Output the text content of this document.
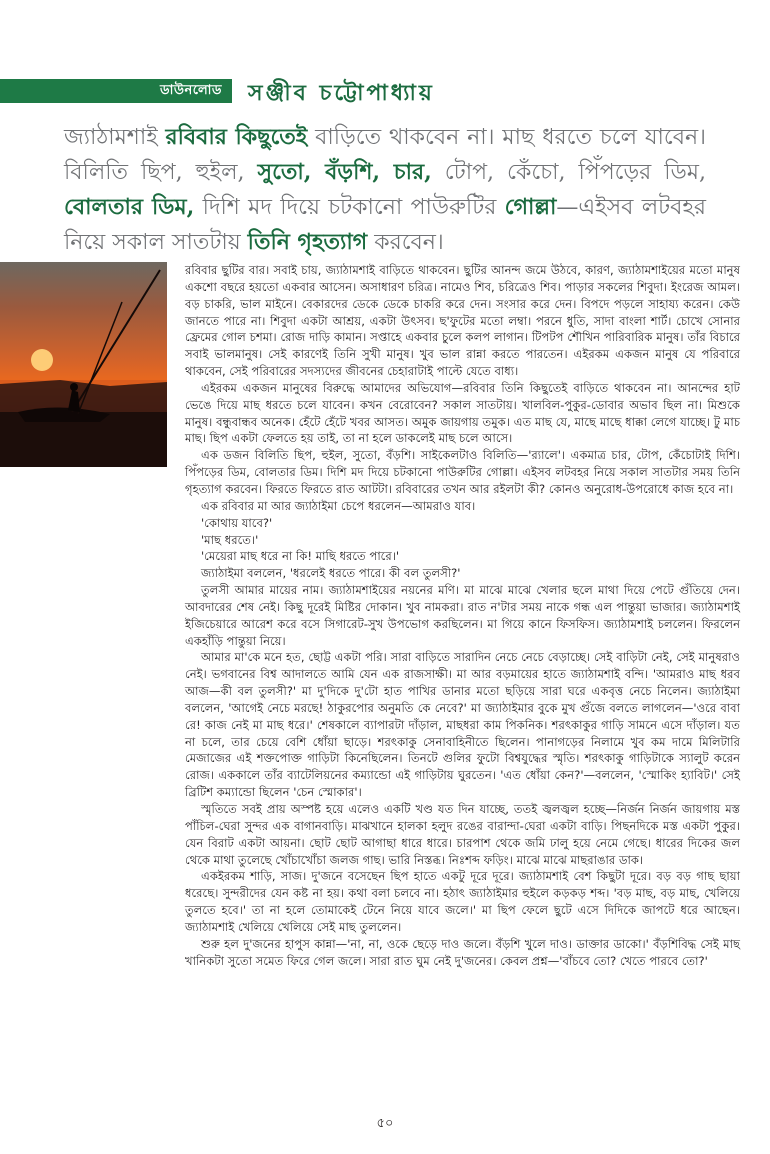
ডাউনলোড সঞ্জীব চট্টোপাধ্যায়
জ্যাঠামশাই রবিবার কিছুতেই বাড়িতে থাকবেন না। মাছ ধরতে চলে যাবেন। বিলিতি ছিপ, হুইল, সুতো, বঁড়শি, চার, টোপ, কেঁচো, পিঁপড়ের ডিম, বোলতার ডিম, দিশি মদ দিয়ে চটকানো পাউরুটির গোল্লা—এইসব লটবহর নিয়ে সকাল সাতটায় তিনি গৃহত্যাগ করবেন।

রবিবার ছুটির বার। সবাই চায়, জ্যাঠামশাই বাড়িতে থাকবেন। ছুটির আনন্দ জমে উঠবে, কারণ, জ্যাঠামশাইয়ের মতো মানুষ একশো বছরে হয়তো একবার আসেন। অসাধারণ চরিত্র। নামেও শিব, চরিত্রেও শিব। পাড়ার সকলের শিবুদা। ইংরেজ আমল। বড় চাকরি, ভাল মাইনে। বেকারদের ডেকে ডেকে চাকরি করে দেন। সংসার করে দেন। বিপদে পড়লে সাহায্য করেন। কেউ জানতে পারে না। শিবুদা একটা আশ্রয়, একটা উৎসব। ছ'ফুটের মতো লম্বা। পরনে ধুতি, সাদা বাংলা শার্ট। চোখে সোনার ফ্রেমের গোল চশমা। রোজ দাড়ি কামান। সপ্তাহে একবার চুলে কলপ লাগান। টিপটপ শৌখিন পারিবারিক মানুষ। তাঁর বিচারে সবাই ভালমানুষ। সেই কারণেই তিনি সুখী মানুষ। খুব ভাল রান্না করতে পারতেন। এইরকম একজন মানুষ যে পরিবারে থাকবেন, সেই পরিবারের সদস্যদের জীবনের চেহারাটাই পাল্টে যেতে বাধ্য।

এইরকম একজন মানুষের বিরুদ্ধে আমাদের অভিযোগ—রবিবার তিনি কিছুতেই বাড়িতে থাকবেন না। আনন্দের হাট ভেঙে দিয়ে মাছ ধরতে চলে যাবেন। কখন বেরোবেন? সকাল সাতটায়। খালবিল-পুকুর-ডোবার অভাব ছিল না। মিশুকে মানুষ। বন্ধুবান্ধব অনেক। হেঁটে হেঁটে খবর আসত। অমুক জায়গায় তমুক। এত মাছ যে, মাছে মাছে ধাক্কা লেগে যাচ্ছে। টু মাচ মাছ। ছিপ একটা ফেলতে হয় তাই, তা না হলে ডাকলেই মাছ চলে আসে।

এক ডজন বিলিতি ছিপ, হুইল, সুতো, বঁড়শি। সাইকেলটাও বিলিতি—'র‍্যালে'। একমাত্র চার, টোপ, কেঁচোটাই দিশি। পিঁপড়ের ডিম, বোলতার ডিম। দিশি মদ দিয়ে চটকানো পাউরুটির গোল্লা। এইসব লটবহর নিয়ে সকাল সাতটার সময় তিনি গৃহত্যাগ করবেন। ফিরতে ফিরতে রাত আটটা। রবিবারের তখন আর রইলটা কী? কোনও অনুরোধ-উপরোধে কাজ হবে না।

এক রবিবার মা আর জ্যাঠাইমা চেপে ধরলেন—আমরাও যাব।

'কোথায় যাবে?'

'মাছ ধরতে।'

'মেয়েরা মাছ ধরে না কি! মাছি ধরতে পারে।'

জ্যাঠাইমা বললেন, 'ধরলেই ধরতে পারে। কী বল তুলসী?'

তুলসী আমার মায়ের নাম। জ্যাঠামশাইয়ের নয়নের মণি। মা মাঝে মাঝে খেলার ছলে মাথা দিয়ে পেটে গুঁতিয়ে দেন। আবদারের শেষ নেই। কিছু দূরেই মিষ্টির দোকান। খুব নামকরা। রাত ন'টার সময় নাকে গন্ধ এল পান্তুয়া ভাজার। জ্যাঠামশাই ইজিচেয়ারে আরেশ করে বসে সিগারেট-সুখ উপভোগ করছিলেন। মা গিয়ে কানে ফিসফিস। জ্যাঠামশাই চললেন। ফিরলেন একহাঁড়ি পান্তুয়া নিয়ে।

আমার মা'কে মনে হত, ছোট্ট একটা পরি। সারা বাড়িতে সারাদিন নেচে নেচে বেড়াচ্ছে। সেই বাড়িটা নেই, সেই মানুষরাও নেই। ভগবানের বিশ্ব আদালতে আমি যেন এক রাজসাক্ষী। মা আর বড়মায়ের হাতে জ্যাঠামশাই বন্দি। 'আমরাও মাছ ধরব আজ—কী বল তুলসী?' মা দু'দিকে দু'টো হাত পাখির ডানার মতো ছড়িয়ে সারা ঘরে একবৃত্ত নেচে নিলেন। জ্যাঠাইমা বললেন, 'আগেই নেচে মরছে! ঠাকুরপোর অনুমতি কে নেবে?' মা জ্যাঠাইমার বুকে মুখ গুঁজে বলতে লাগলেন—'ওরে বাবা রে! কাজ নেই মা মাছ ধরে।' শেষকালে ব্যাপারটা দাঁড়াল, মাছধরা কাম পিকনিক। শরৎকাকুর গাড়ি সামনে এসে দাঁড়াল। যত না চলে, তার চেয়ে বেশি ধোঁয়া ছাড়ে। শরৎকাকু সেনাবাহিনীতে ছিলেন। পানাগড়ের নিলামে খুব কম দামে মিলিটারি মেজাজের এই শক্তপোক্ত গাড়িটা কিনেছিলেন। তিনটে গুলির ফুটো বিশ্বযুদ্ধের স্মৃতি। শরৎকাকু গাড়িটাকে স্যালুট করেন রোজ। এককালে তাঁর ব্যাটেলিয়নের কম্যান্ডো এই গাড়িটায় ঘুরতেন। 'এত ধোঁয়া কেন?'—বললেন, 'স্মোকিং হ্যাবিট।' সেই ব্রিটিশ কম্যান্ডো ছিলেন 'চেন স্মোকার'।

স্মৃতিতে সবই প্রায় অস্পষ্ট হয়ে এলেও একটি খণ্ড যত দিন যাচ্ছে, ততই জ্বলজ্বল হচ্ছে—নির্জন নির্জন জায়গায় মস্ত পাঁচিল-ঘেরা সুন্দর এক বাগানবাড়ি। মাঝখানে হালকা হলুদ রঙের বারান্দা-ঘেরা একটা বাড়ি। পিছনদিকে মস্ত একটা পুকুর। যেন বিরাট একটা আয়না। ছোট ছোট আগাছা ধারে ধারে। চারপাশ থেকে জমি ঢালু হয়ে নেমে গেছে। ধারের দিকের জল থেকে মাথা তুলেছে খোঁচাখোঁচা জলজ গাছ। ভারি নিস্তব্ধ। নিঃশব্দ ফড়িং। মাঝে মাঝে মাছরাঙার ডাক।

একইরকম শাড়ি, সাজ। দু'জনে বসেছেন ছিপ হাতে একটু দূরে দূরে। জ্যাঠামশাই বেশ কিছুটা দূরে। বড় বড় গাছ ছায়া ধরেছে। সুন্দরীদের যেন কষ্ট না হয়। কথা বলা চলবে না। হঠাৎ জ্যাঠাইমার হুইলে কড়কড় শব্দ। 'বড় মাছ, বড় মাছ, খেলিয়ে তুলতে হবে।' তা না হলে তোমাকেই টেনে নিয়ে যাবে জলে।' মা ছিপ ফেলে ছুটে এসে দিদিকে জাপটে ধরে আছেন। জ্যাঠামশাই খেলিয়ে খেলিয়ে সেই মাছ তুললেন।

শুরু হল দু'জনের হাপুস কান্না—'না, না, ওকে ছেড়ে দাও জলে। বঁড়শি খুলে দাও। ডাক্তার ডাকো।' বঁড়শিবিদ্ধ সেই মাছ খানিকটা সুতো সমেত ফিরে গেল জলে। সারা রাত ঘুম নেই দু'জনের। কেবল প্রশ্ন—'বাঁচবে তো? খেতে পারবে তো?'

৫০
